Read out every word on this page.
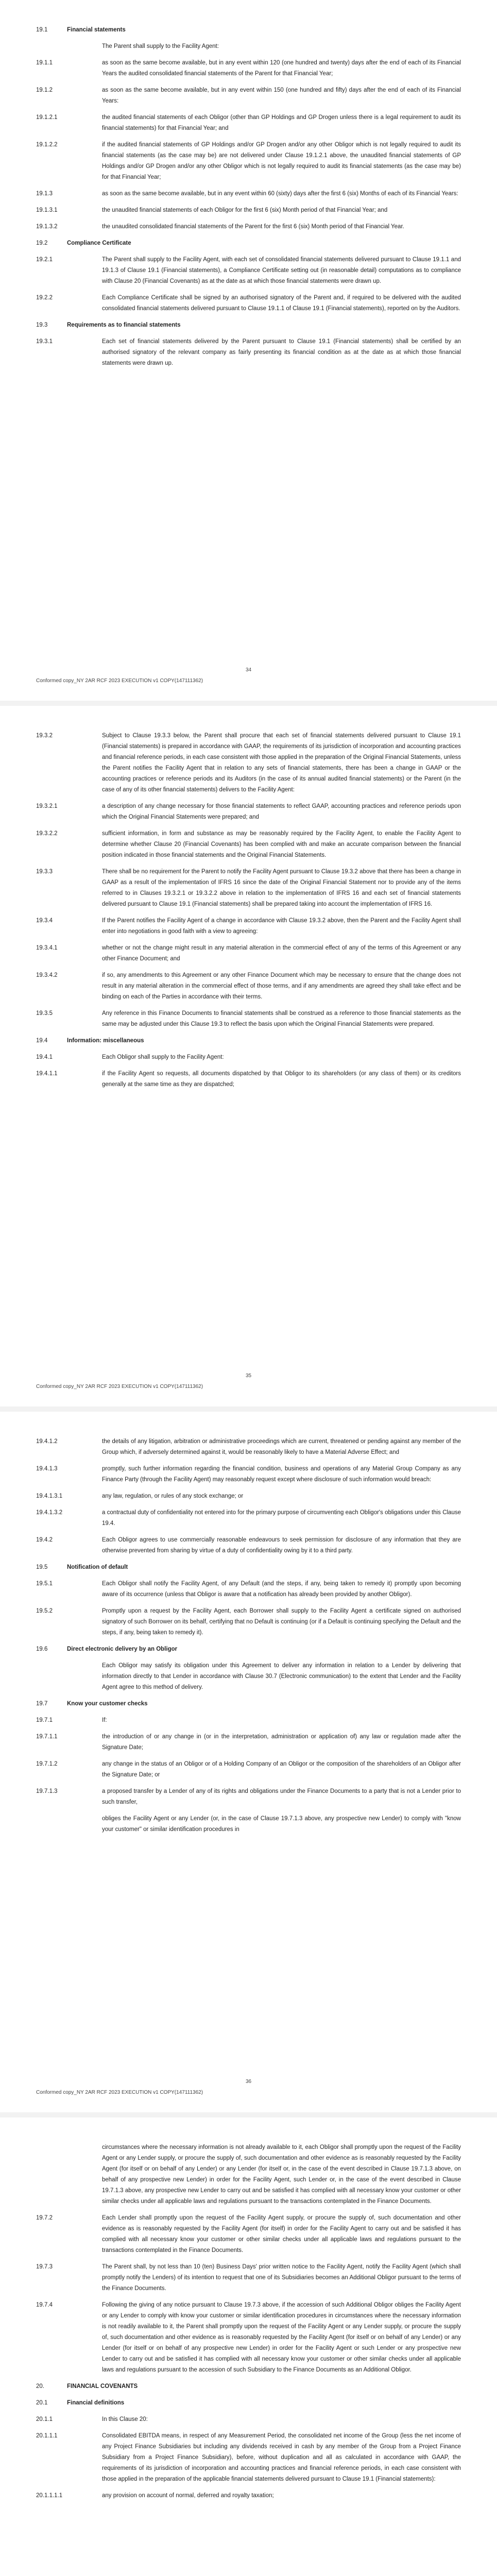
19.1	Financial statements
The Parent shall supply to the Facility Agent:
19.1.1	as soon as the same become available, but in any event within 120 (one hundred and twenty) days after the end of each of its Financial Years the audited consolidated financial statements of the Parent for that Financial Year;
19.1.2	as soon as the same become available, but in any event within 150 (one hundred and fifty) days after the end of each of its Financial Years:
19.1.2.1	the audited financial statements of each Obligor (other than GP Holdings and GP Drogen unless there is a legal requirement to audit its financial statements) for that Financial Year; and
19.1.2.2	if the audited financial statements of GP Holdings and/or GP Drogen and/or any other Obligor which is not legally required to audit its financial statements (as the case may be) are not delivered under Clause 19.1.2.1 above, the unaudited financial statements of GP Holdings and/or GP Drogen and/or any other Obligor which is not legally required to audit its financial statements (as the case may be) for that Financial Year;
19.1.3	as soon as the same become available, but in any event within 60 (sixty) days after the first 6 (six) Months of each of its Financial Years:
19.1.3.1	the unaudited financial statements of each Obligor for the first 6 (six) Month period of that Financial Year; and
19.1.3.2	the unaudited consolidated financial statements of the Parent for the first 6 (six) Month period of that Financial Year.
19.2	Compliance Certificate
19.2.1	The Parent shall supply to the Facility Agent, with each set of consolidated financial statements delivered pursuant to Clause 19.1.1 and 19.1.3 of Clause 19.1 (Financial statements), a Compliance Certificate setting out (in reasonable detail) computations as to compliance with Clause 20 (Financial Covenants) as at the date as at which those financial statements were drawn up.
19.2.2	Each Compliance Certificate shall be signed by an authorised signatory of the Parent and, if required to be delivered with the audited consolidated financial statements delivered pursuant to Clause 19.1.1 of Clause 19.1 (Financial statements), reported on by the Auditors.
19.3	Requirements as to financial statements
19.3.1	Each set of financial statements delivered by the Parent pursuant to Clause 19.1 (Financial statements) shall be certified by an authorised signatory of the relevant company as fairly presenting its financial condition as at the date as at which those financial statements were drawn up.
34
Conformed copy_NY 2AR RCF 2023 EXECUTION v1 COPY(147111362)
19.3.2	Subject to Clause 19.3.3 below, the Parent shall procure that each set of financial statements delivered pursuant to Clause 19.1 (Financial statements) is prepared in accordance with GAAP, the requirements of its jurisdiction of incorporation and accounting practices and financial reference periods, in each case consistent with those applied in the preparation of the Original Financial Statements, unless the Parent notifies the Facility Agent that in relation to any sets of financial statements, there has been a change in GAAP or the accounting practices or reference periods and its Auditors (in the case of its annual audited financial statements) or the Parent (in the case of any of its other financial statements) delivers to the Facility Agent:
19.3.2.1	a description of any change necessary for those financial statements to reflect GAAP, accounting practices and reference periods upon which the Original Financial Statements were prepared; and
19.3.2.2	sufficient information, in form and substance as may be reasonably required by the Facility Agent, to enable the Facility Agent to determine whether Clause 20 (Financial Covenants) has been complied with and make an accurate comparison between the financial position indicated in those financial statements and the Original Financial Statements.
19.3.3	There shall be no requirement for the Parent to notify the Facility Agent pursuant to Clause 19.3.2 above that there has been a change in GAAP as a result of the implementation of IFRS 16 since the date of the Original Financial Statement nor to provide any of the items referred to in Clauses 19.3.2.1 or 19.3.2.2 above in relation to the implementation of IFRS 16 and each set of financial statements delivered pursuant to Clause 19.1 (Financial statements) shall be prepared taking into account the implementation of IFRS 16.
19.3.4	If the Parent notifies the Facility Agent of a change in accordance with Clause 19.3.2 above, then the Parent and the Facility Agent shall enter into negotiations in good faith with a view to agreeing:
19.3.4.1	whether or not the change might result in any material alteration in the commercial effect of any of the terms of this Agreement or any other Finance Document; and
19.3.4.2	if so, any amendments to this Agreement or any other Finance Document which may be necessary to ensure that the change does not result in any material alteration in the commercial effect of those terms, and if any amendments are agreed they shall take effect and be binding on each of the Parties in accordance with their terms.
19.3.5	Any reference in this Finance Documents to financial statements shall be construed as a reference to those financial statements as the same may be adjusted under this Clause 19.3 to reflect the basis upon which the Original Financial Statements were prepared.
19.4	Information: miscellaneous
19.4.1	Each Obligor shall supply to the Facility Agent:
19.4.1.1	if the Facility Agent so requests, all documents dispatched by that Obligor to its shareholders (or any class of them) or its creditors generally at the same time as they are dispatched;
35
Conformed copy_NY 2AR RCF 2023 EXECUTION v1 COPY(147111362)
19.4.1.2	the details of any litigation, arbitration or administrative proceedings which are current, threatened or pending against any member of the Group which, if adversely determined against it, would be reasonably likely to have a Material Adverse Effect; and
19.4.1.3	promptly, such further information regarding the financial condition, business and operations of any Material Group Company as any Finance Party (through the Facility Agent) may reasonably request except where disclosure of such information would breach:
19.4.1.3.1	any law, regulation, or rules of any stock exchange; or
19.4.1.3.2	a contractual duty of confidentiality not entered into for the primary purpose of circumventing each Obligor's obligations under this Clause 19.4.
19.4.2	Each Obligor agrees to use commercially reasonable endeavours to seek permission for disclosure of any information that they are otherwise prevented from sharing by virtue of a duty of confidentiality owing by it to a third party.
19.5	Notification of default
19.5.1	Each Obligor shall notify the Facility Agent, of any Default (and the steps, if any, being taken to remedy it) promptly upon becoming aware of its occurrence (unless that Obligor is aware that a notification has already been provided by another Obligor).
19.5.2	Promptly upon a request by the Facility Agent, each Borrower shall supply to the Facility Agent a certificate signed on authorised signatory of such Borrower on its behalf, certifying that no Default is continuing (or if a Default is continuing specifying the Default and the steps, if any, being taken to remedy it).
19.6	Direct electronic delivery by an Obligor
Each Obligor may satisfy its obligation under this Agreement to deliver any information in relation to a Lender by delivering that information directly to that Lender in accordance with Clause 30.7 (Electronic communication) to the extent that Lender and the Facility Agent agree to this method of delivery.
19.7	Know your customer checks
19.7.1	If:
19.7.1.1	the introduction of or any change in (or in the interpretation, administration or application of) any law or regulation made after the Signature Date;
19.7.1.2	any change in the status of an Obligor or of a Holding Company of an Obligor or the composition of the shareholders of an Obligor after the Signature Date; or
19.7.1.3	a proposed transfer by a Lender of any of its rights and obligations under the Finance Documents to a party that is not a Lender prior to such transfer,
obliges the Facility Agent or any Lender (or, in the case of Clause 19.7.1.3 above, any prospective new Lender) to comply with "know your customer" or similar identification procedures in
36
Conformed copy_NY 2AR RCF 2023 EXECUTION v1 COPY(147111362)
circumstances where the necessary information is not already available to it, each Obligor shall promptly upon the request of the Facility Agent or any Lender supply, or procure the supply of, such documentation and other evidence as is reasonably requested by the Facility Agent (for itself or on behalf of any Lender) or any Lender (for itself or, in the case of the event described in Clause 19.7.1.3 above, on behalf of any prospective new Lender) in order for the Facility Agent, such Lender or, in the case of the event described in Clause 19.7.1.3 above, any prospective new Lender to carry out and be satisfied it has complied with all necessary know your customer or other similar checks under all applicable laws and regulations pursuant to the transactions contemplated in the Finance Documents.
19.7.2	Each Lender shall promptly upon the request of the Facility Agent supply, or procure the supply of, such documentation and other evidence as is reasonably requested by the Facility Agent (for itself) in order for the Facility Agent to carry out and be satisfied it has complied with all necessary know your customer or other similar checks under all applicable laws and regulations pursuant to the transactions contemplated in the Finance Documents.
19.7.3	The Parent shall, by not less than 10 (ten) Business Days' prior written notice to the Facility Agent, notify the Facility Agent (which shall promptly notify the Lenders) of its intention to request that one of its Subsidiaries becomes an Additional Obligor pursuant to the terms of the Finance Documents.
19.7.4	Following the giving of any notice pursuant to Clause 19.7.3 above, if the accession of such Additional Obligor obliges the Facility Agent or any Lender to comply with know your customer or similar identification procedures in circumstances where the necessary information is not readily available to it, the Parent shall promptly upon the request of the Facility Agent or any Lender supply, or procure the supply of, such documentation and other evidence as is reasonably requested by the Facility Agent (for itself or on behalf of any Lender) or any Lender (for itself or on behalf of any prospective new Lender) in order for the Facility Agent or such Lender or any prospective new Lender to carry out and be satisfied it has complied with all necessary know your customer or other similar checks under all applicable laws and regulations pursuant to the accession of such Subsidiary to the Finance Documents as an Additional Obligor.
20.	FINANCIAL COVENANTS
20.1	Financial definitions
20.1.1	In this Clause 20:
20.1.1.1	Consolidated EBITDA means, in respect of any Measurement Period, the consolidated net income of the Group (less the net income of any Project Finance Subsidiaries but including any dividends received in cash by any member of the Group from a Project Finance Subsidiary from a Project Finance Subsidiary), before, without duplication and all as calculated in accordance with GAAP, the requirements of its jurisdiction of incorporation and accounting practices and financial reference periods, in each case consistent with those applied in the preparation of the applicable financial statements delivered pursuant to Clause 19.1 (Financial statements):
20.1.1.1.1	any provision on account of normal, deferred and royalty taxation;
